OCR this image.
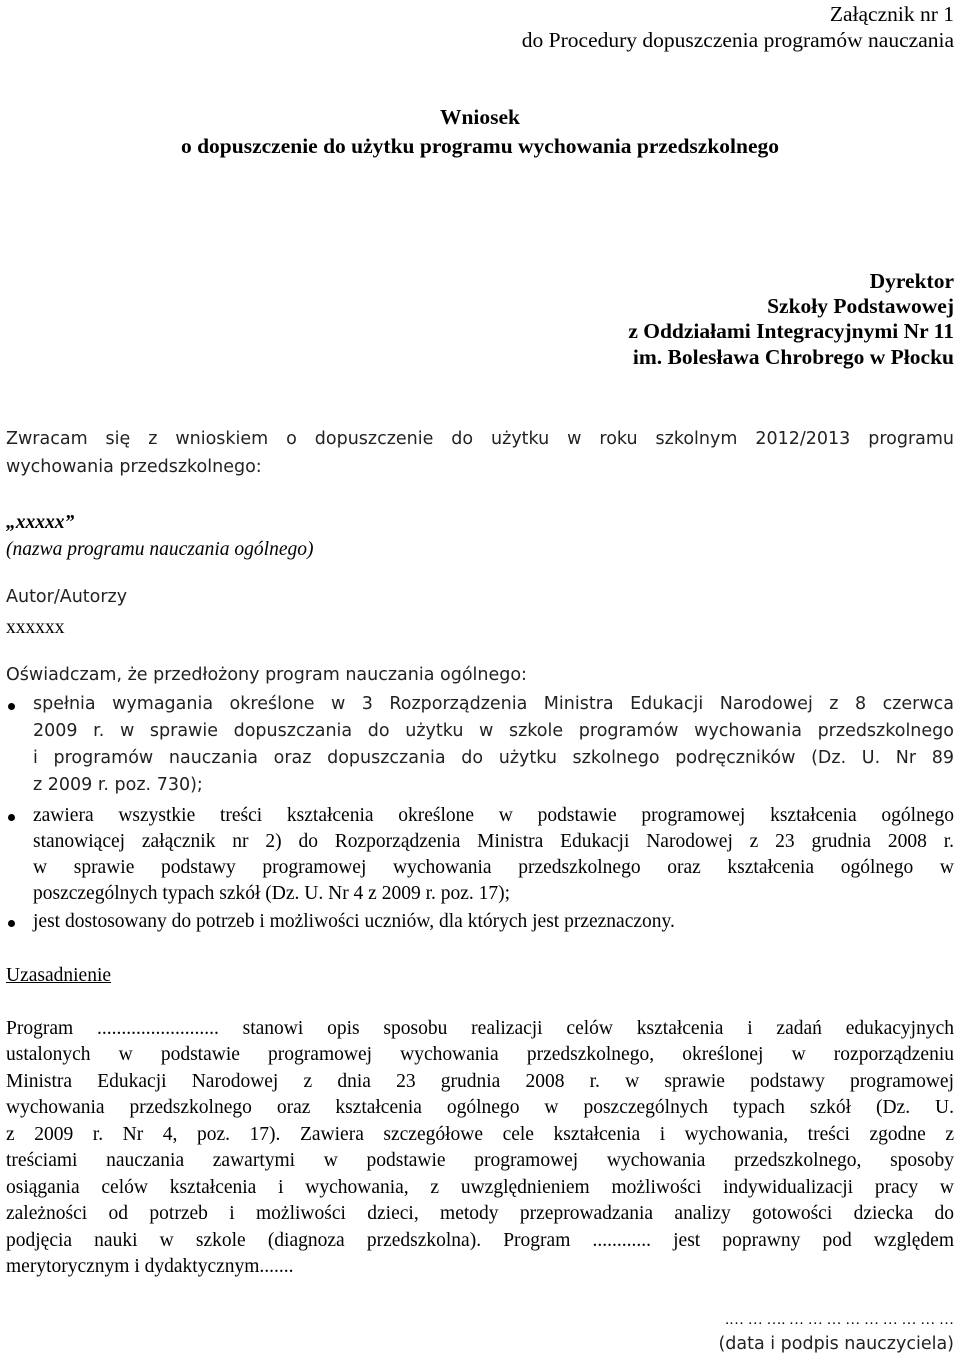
Załącznik nr 1
do Procedury dopuszczenia programów nauczania
Wniosek
o dopuszczenie do użytku programu wychowania przedszkolnego
Dyrektor
Szkoły Podstawowej
z Oddziałami Integracyjnymi Nr 11
im. Bolesława Chrobrego w Płocku
Zwracam się z wnioskiem o dopuszczenie do użytku w roku szkolnym 2012/2013 programu
wychowania przedszkolnego:
„xxxxx”
(nazwa programu nauczania ogólnego)
Autor/Autorzy
xxxxxx
Oświadczam, że przedłożony program nauczania ogólnego:
spełnia wymagania określone w 3 Rozporządzenia Ministra Edukacji Narodowej z 8 czerwca
2009 r. w sprawie dopuszczania do użytku w szkole programów wychowania przedszkolnego
i programów nauczania oraz dopuszczania do użytku szkolnego podręczników (Dz. U. Nr 89
z 2009 r. poz. 730);
zawiera wszystkie treści kształcenia określone w podstawie programowej kształcenia ogólnego
stanowiącej załącznik nr 2) do Rozporządzenia Ministra Edukacji Narodowej z 23 grudnia 2008 r.
w sprawie podstawy programowej wychowania przedszkolnego oraz kształcenia ogólnego w
poszczególnych typach szkół (Dz. U. Nr 4 z 2009 r. poz. 17);
jest dostosowany do potrzeb i możliwości uczniów, dla których jest przeznaczony.
Uzasadnienie
Program ......................... stanowi opis sposobu realizacji celów kształcenia i zadań edukacyjnych
ustalonych w podstawie programowej wychowania przedszkolnego, określonej w rozporządzeniu
Ministra Edukacji Narodowej z dnia 23 grudnia 2008 r. w sprawie podstawy programowej
wychowania przedszkolnego oraz kształcenia ogólnego w poszczególnych typach szkół (Dz. U.
z 2009 r. Nr 4, poz. 17). Zawiera szczegółowe cele kształcenia i wychowania, treści zgodne z
treściami nauczania zawartymi w podstawie programowej wychowania przedszkolnego, sposoby
osiągania celów kształcenia i wychowania, z uwzględnieniem możliwości indywidualizacji pracy w
zależności od potrzeb i możliwości dzieci, metody przeprowadzania analizy gotowości dziecka do
podjęcia nauki w szkole (diagnoza przedszkolna). Program ............ jest poprawny pod względem
merytorycznym i dydaktycznym.......
.… … …. … … … … … … … … …
(data i podpis nauczyciela)
